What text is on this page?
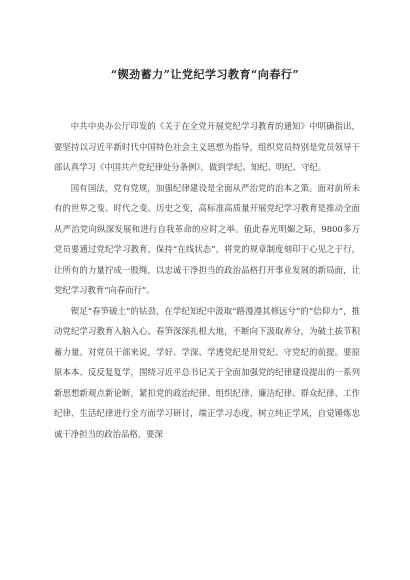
“锲劲蓄力”让党纪学习教育“向春行”

中共中央办公厅印发的《关于在全党开展党纪学习教育的通知》中明确指出，要坚持以习近平新时代中国特色社会主义思想为指导，组织党员特别是党员领导干部认真学习《中国共产党纪律处分条例》，做到学纪、知纪、明纪、守纪。

国有国法，党有党规，加强纪律建设是全面从严治党的治本之策。面对前所未有的世界之变、时代之变、历史之变，高标准高质量开展党纪学习教育是推动全面从严治党向纵深发展和进行自我革命的应时之举。值此春光明媚之际，9800多万党员要通过党纪学习教育，保持“在线状态”，将党的规章制度刻印于心见之于行，让所有的力量拧成一股绳，以忠诚干净担当的政治品格打开事业发展的新局面，让党纪学习教育“向春而行”。

锲足“春笋破土”的钻劲，在学纪知纪中汲取“路漫漫其修远兮”的“信仰力”，推动党纪学习教育入脑入心。春笋深深扎根大地，不断向下汲取养分，为破土拔节积蓄力量。对党员干部来说，学好、学深、学透党纪是用党纪、守党纪的前提。要原原本本、反反复复学，围绕习近平总书记关于全面加强党的纪律建设提出的一系列新思想新观点新论断，紧扣党的政治纪律、组织纪律、廉洁纪律、群众纪律、工作纪律、生活纪律进行全方面学习研讨，端正学习态度，树立纯正学风，自觉锤炼忠诚干净担当的政治品格。要深
